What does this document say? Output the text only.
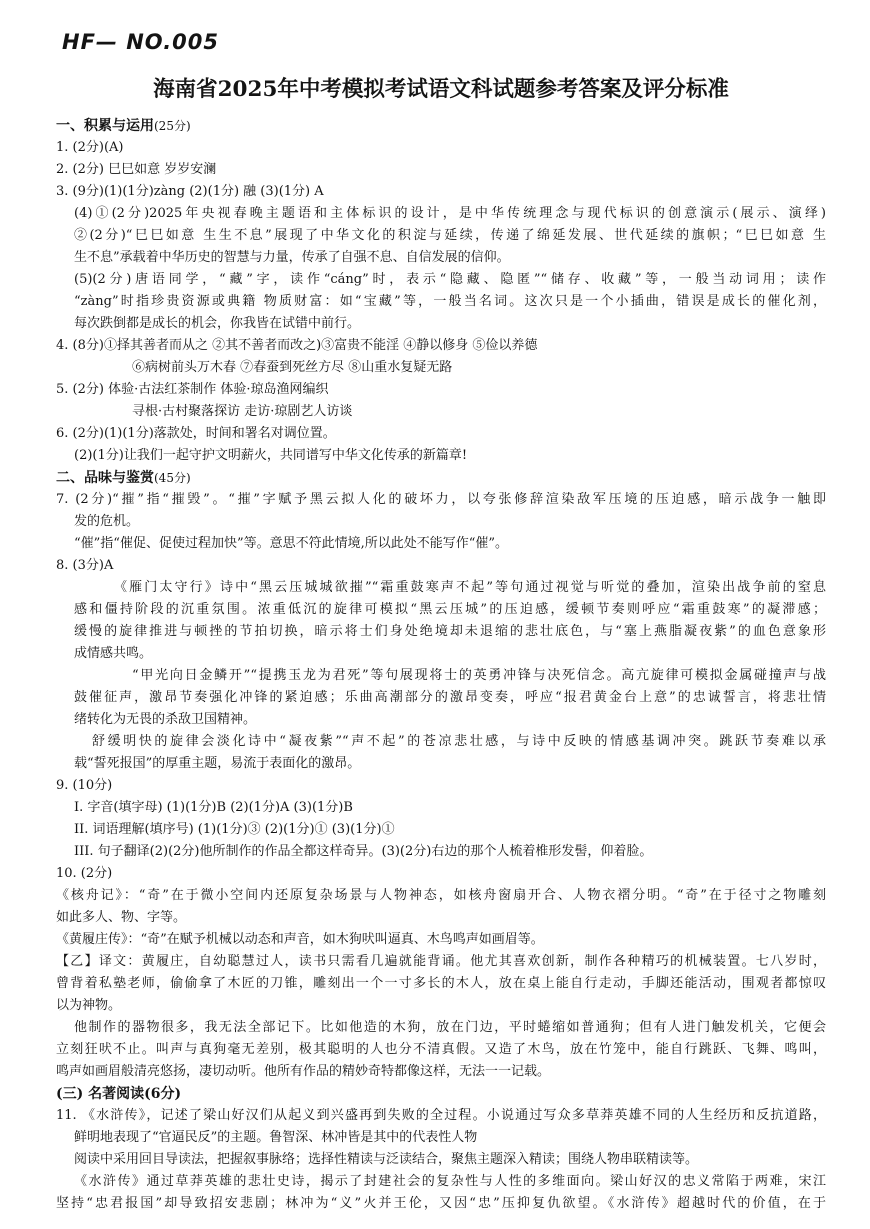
HF— NO.005
海南省2025年中考模拟考试语文科试题参考答案及评分标准
一、积累与运用(25分)
1. (2分)(A)
2. (2分) 巳巳如意 岁岁安澜
3. (9分)(1)(1分)zàng (2)(1分) 融 (3)(1分) A
(4)①(2分)2025年央视春晚主题语和主体标识的设计，是中华传统理念与现代标识的创意演示(展示、演绎)
②(2分)“巳巳如意 生生不息”展现了中华文化的积淀与延续，传递了绵延发展、世代延续的旗帜；“巳巳如意 生
生不息”承载着中华历史的智慧与力量，传承了自强不息、自信发展的信仰。
(5)(2分)唐语同学，“藏”字，读作“cáng”时，表示“隐藏、隐匿”“储存、收藏”等，一般当动词用；读作
“zàng”时指珍贵资源或典籍 物质财富：如“宝藏”等，一般当名词。这次只是一个小插曲，错误是成长的催化剂，
每次跌倒都是成长的机会，你我皆在试错中前行。
4. (8分)①择其善者而从之 ②其不善者而改之)③富贵不能淫 ④静以修身 ⑤俭以养德
⑥病树前头万木春 ⑦春蚕到死丝方尽 ⑧山重水复疑无路
5. (2分) 体验·古法红茶制作 体验·琼岛渔网编织
寻根·古村聚落探访 走访·琼剧艺人访谈
6. (2分)(1)(1分)落款处，时间和署名对调位置。
(2)(1分)让我们一起守护文明薪火，共同谱写中华文化传承的新篇章!
二、品味与鉴赏(45分)
7. (2分)“摧”指“摧毁”。“摧”字赋予黑云拟人化的破坏力，以夸张修辞渲染敌军压境的压迫感，暗示战争一触即
发的危机。
“催”指“催促、促使过程加快”等。意思不符此情境,所以此处不能写作“催”。
8. (3分)A
《雁门太守行》诗中“黑云压城城欲摧”“霜重鼓寒声不起”等句通过视觉与听觉的叠加，渲染出战争前的窒息
感和僵持阶段的沉重氛围。浓重低沉的旋律可模拟“黑云压城”的压迫感，缓顿节奏则呼应“霜重鼓寒”的凝滞感；
缓慢的旋律推进与顿挫的节拍切换，暗示将士们身处绝境却未退缩的悲壮底色，与“塞上燕脂凝夜紫”的血色意象形
成情感共鸣。
“甲光向日金鳞开”“提携玉龙为君死”等句展现将士的英勇冲锋与决死信念。高亢旋律可模拟金属碰撞声与战
鼓催征声，激昂节奏强化冲锋的紧迫感；乐曲高潮部分的激昂变奏，呼应“报君黄金台上意”的忠诚誓言，将悲壮情
绪转化为无畏的杀敌卫国精神。
舒缓明快的旋律会淡化诗中“凝夜紫”“声不起”的苍凉悲壮感，与诗中反映的情感基调冲突。跳跃节奏难以承
载“誓死报国”的厚重主题，易流于表面化的激昂。
9. (10分)
I. 字音(填字母) (1)(1分)B (2)(1分)A (3)(1分)B
II. 词语理解(填序号) (1)(1分)③ (2)(1分)① (3)(1分)①
III. 句子翻译(2)(2分)他所制作的作品全都这样奇异。(3)(2分)右边的那个人梳着椎形发髻，仰着脸。
10. (2分)
《核舟记》：“奇”在于微小空间内还原复杂场景与人物神态，如核舟窗扇开合、人物衣褶分明。“奇”在于径寸之物雕刻
如此多人、物、字等。
《黄履庄传》：“奇”在赋予机械以动态和声音，如木狗吠叫逼真、木鸟鸣声如画眉等。
【乙】译文：黄履庄，自幼聪慧过人，读书只需看几遍就能背诵。他尤其喜欢创新，制作各种精巧的机械装置。七八岁时，
曾背着私塾老师，偷偷拿了木匠的刀锥，雕刻出一个一寸多长的木人，放在桌上能自行走动，手脚还能活动，围观者都惊叹
以为神物。
他制作的器物很多，我无法全部记下。比如他造的木狗，放在门边，平时蜷缩如普通狗；但有人进门触发机关，它便会
立刻狂吠不止。叫声与真狗毫无差别，极其聪明的人也分不清真假。又造了木鸟，放在竹笼中，能自行跳跃、飞舞、鸣叫，
鸣声如画眉般清亮悠扬，凄切动听。他所有作品的精妙奇特都像这样，无法一一记载。
(三) 名著阅读(6分)
11. 《水浒传》，记述了梁山好汉们从起义到兴盛再到失败的全过程。小说通过写众多草莽英雄不同的人生经历和反抗道路，
鲜明地表现了“官逼民反”的主题。鲁智深、林冲皆是其中的代表性人物
阅读中采用回目导读法，把握叙事脉络；选择性精读与泛读结合，聚焦主题深入精读；围绕人物串联精读等。
《水浒传》通过草莽英雄的悲壮史诗，揭示了封建社会的复杂性与人性的多维面向。梁山好汉的忠义常陷于两难，宋江
坚持“忠君报国”却导致招安悲剧；林冲为“义”火并王伦，又因“忠”压抑复仇欲望。《水浒传》超越时代的价值，在于
